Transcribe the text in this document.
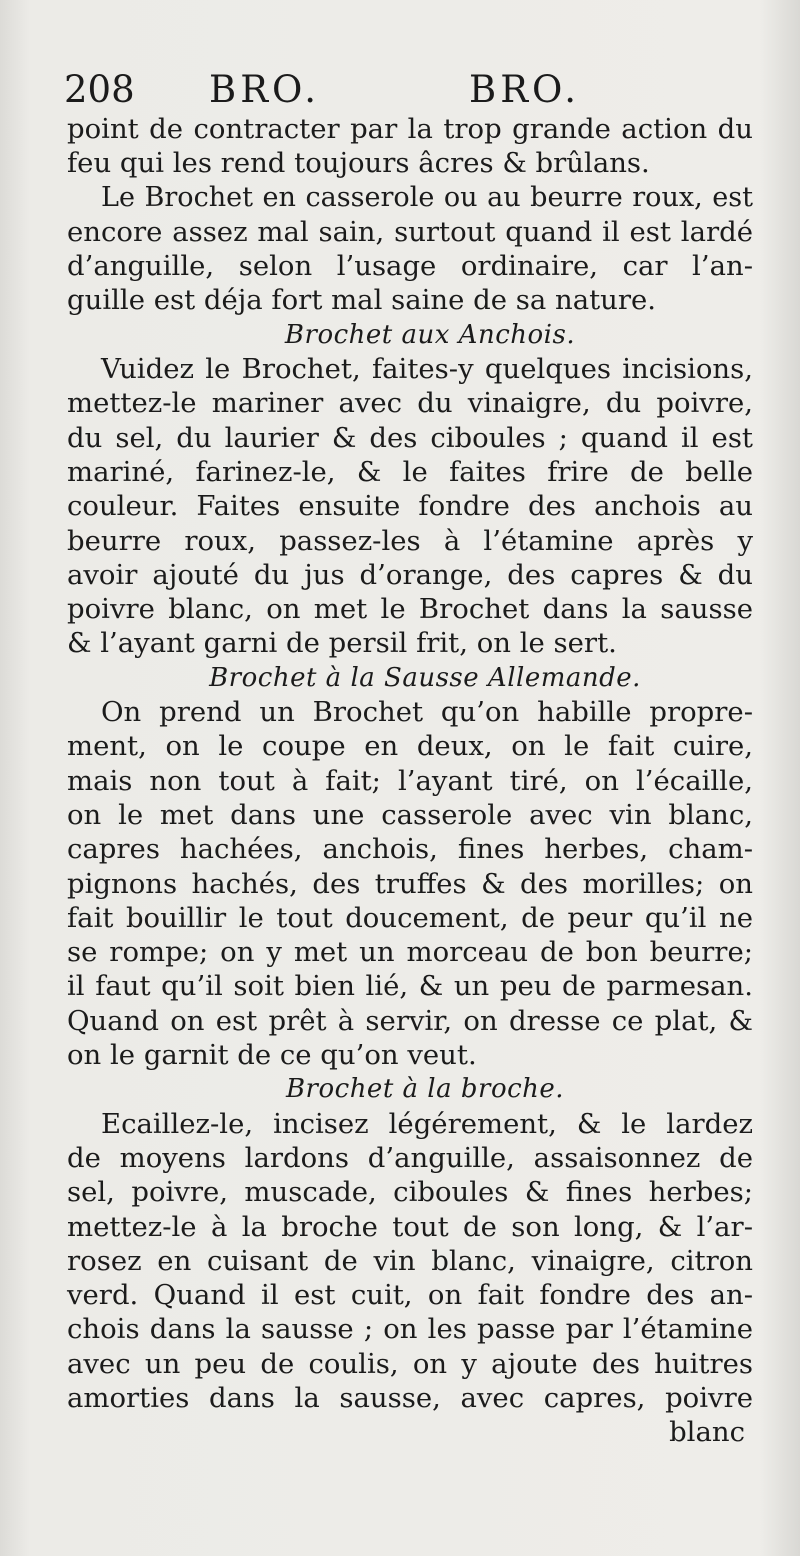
208 BRO.	BRO.
point de contracter par la trop grande action du
feu qui les rend toujours âcres & brûlans.
Le Brochet en casserole ou au beurre roux, est
encore assez mal sain, surtout quand il est lardé
d’anguille, selon l’usage ordinaire, car l’an-
guille est déja fort mal saine de sa nature.
Brochet aux Anchois.
Vuidez le Brochet, faites-y quelques incisions,
mettez-le mariner avec du vinaigre, du poivre,
du sel, du laurier & des ciboules ; quand il est
mariné, farinez-le, & le faites frire de belle
couleur. Faites ensuite fondre des anchois au
beurre roux, passez-les à l’étamine après y
avoir ajouté du jus d’orange, des capres & du
poivre blanc, on met le Brochet dans la sausse
& l’ayant garni de persil frit, on le sert.
Brochet à la Sausse Allemande.
On prend un Brochet qu’on habille propre-
ment, on le coupe en deux, on le fait cuire,
mais non tout à fait; l’ayant tiré, on l’écaille,
on le met dans une casserole avec vin blanc,
capres hachées, anchois, fines herbes, cham-
pignons hachés, des truffes & des morilles; on
fait bouillir le tout doucement, de peur qu’il ne
se rompe; on y met un morceau de bon beurre;
il faut qu’il soit bien lié, & un peu de parmesan.
Quand on est prêt à servir, on dresse ce plat, &
on le garnit de ce qu’on veut.
Brochet à la broche.
Ecaillez-le, incisez légérement, & le lardez
de moyens lardons d’anguille, assaisonnez de
sel, poivre, muscade, ciboules & fines herbes;
mettez-le à la broche tout de son long, & l’ar-
rosez en cuisant de vin blanc, vinaigre, citron
verd. Quand il est cuit, on fait fondre des an-
chois dans la sausse ; on les passe par l’étamine
avec un peu de coulis, on y ajoute des huitres
amorties dans la sausse, avec capres, poivre
blanc
